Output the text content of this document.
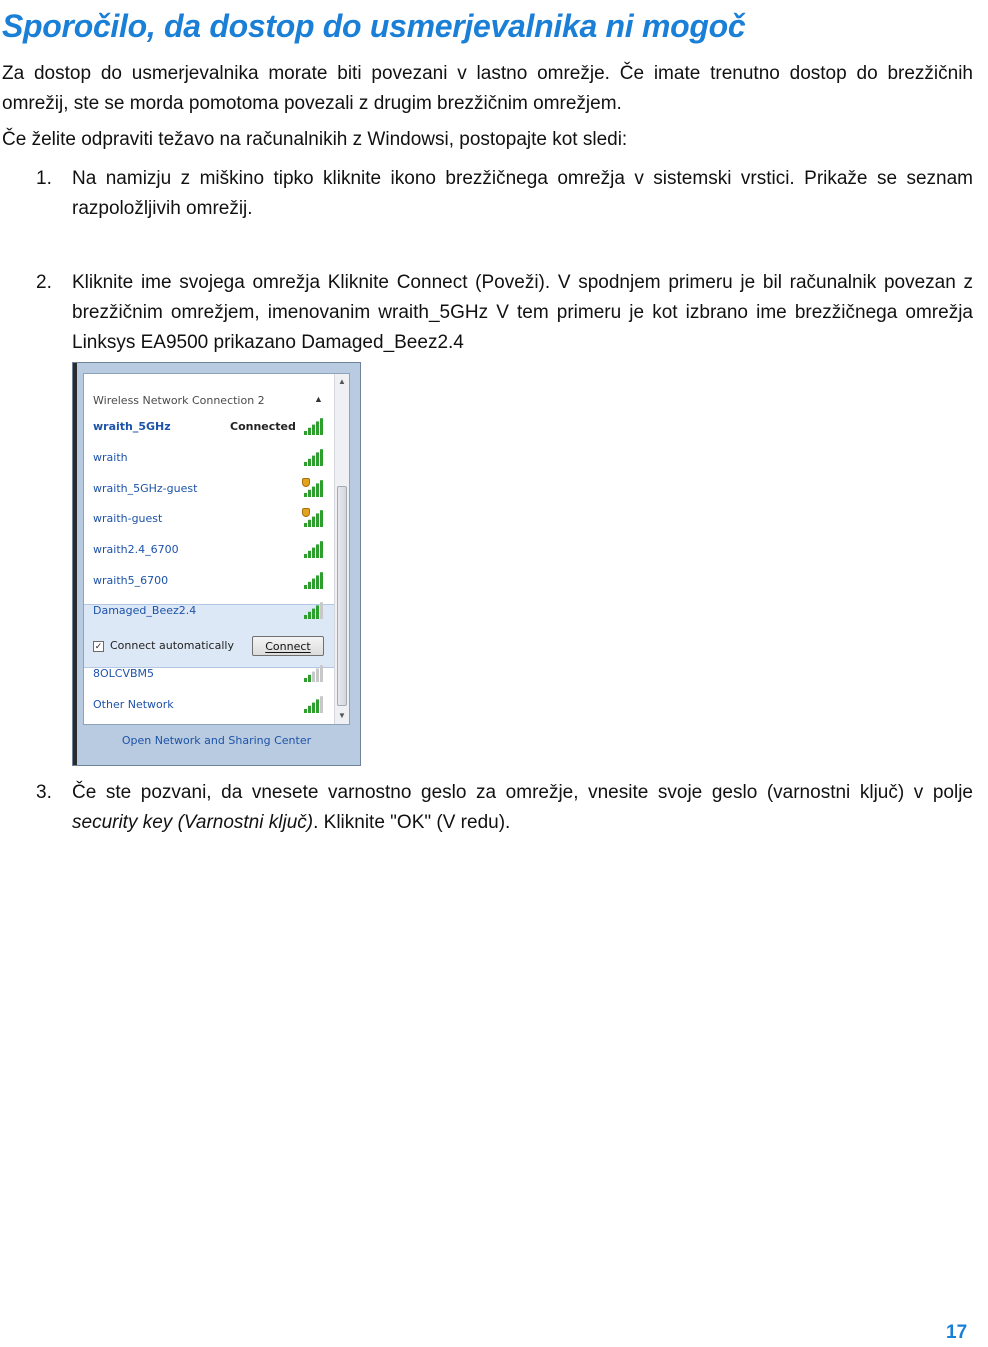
Sporočilo, da dostop do usmerjevalnika ni mogoč

Za dostop do usmerjevalnika morate biti povezani v lastno omrežje. Če imate trenutno dostop do brezžičnih omrežij, ste se morda pomotoma povezali z drugim brezžičnim omrežjem.

Če želite odpraviti težavo na računalnikih z Windowsi, postopajte kot sledi:

1. Na namizju z miškino tipko kliknite ikono brezžičnega omrežja v sistemski vrstici. Prikaže se seznam razpoložljivih omrežij.

2. Kliknite ime svojega omrežja Kliknite Connect (Poveži). V spodnjem primeru je bil računalnik povezan z brezžičnim omrežjem, imenovanim wraith_5GHz V tem primeru je kot izbrano ime brezžičnega omrežja Linksys EA9500 prikazano Damaged_Beez2.4

Wireless Network Connection 2	▲
✓ Connect automatically	Connect
wraith_5GHz	Connected
wraith
wraith_5GHz-guest
wraith-guest
wraith2.4_6700
wraith5_6700
Damaged_Beez2.4
8OLCVBM5
Other Network
▲
▼
Open Network and Sharing Center
3. Če ste pozvani, da vnesete varnostno geslo za omrežje, vnesite svoje geslo (varnostni ključ) v polje security key (Varnostni ključ). Kliknite "OK" (V redu).

17
